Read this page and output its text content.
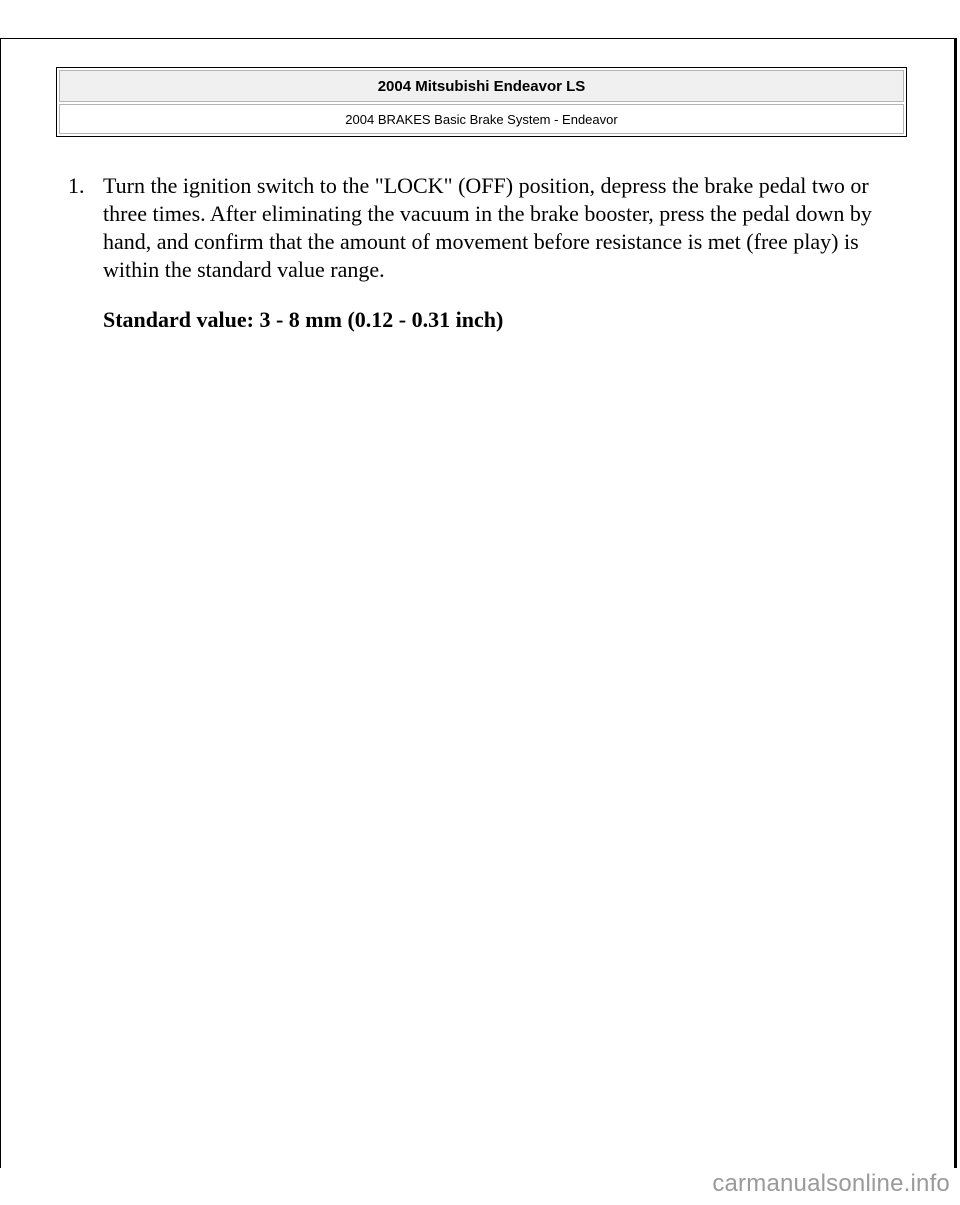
2004 Mitsubishi Endeavor LS
2004 BRAKES Basic Brake System - Endeavor
1. Turn the ignition switch to the "LOCK" (OFF) position, depress the brake pedal two or three times. After eliminating the vacuum in the brake booster, press the pedal down by hand, and confirm that the amount of movement before resistance is met (free play) is within the standard value range.

Standard value: 3 - 8 mm (0.12 - 0.31 inch)

carmanualsonline.info
